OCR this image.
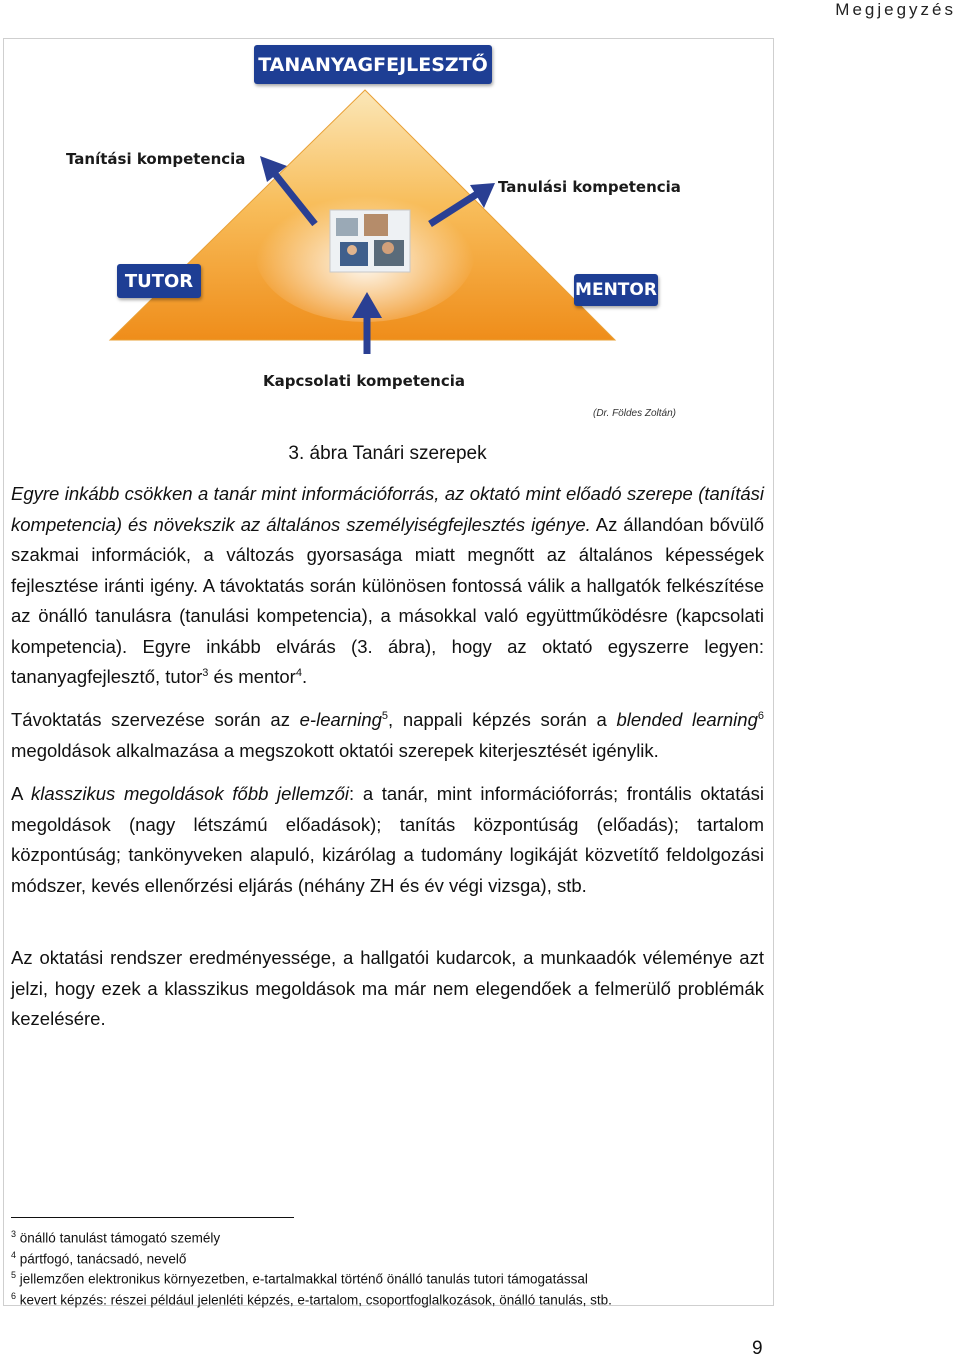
Megjegyzés
TANANYAGFEJLESZTŐ
Tanítási kompetencia
Tanulási kompetencia
TUTOR	MENTOR
Kapcsolati kompetencia
(Dr. Földes Zoltán)
3. ábra Tanári szerepek

Egyre inkább csökken a tanár mint információforrás, az oktató mint előadó szerepe (tanítási kompetencia) és növekszik az általános személyiségfejlesztés igénye. Az állandóan bővülő szakmai információk, a változás gyorsasága miatt megnőtt az általános képességek fejlesztése iránti igény. A távoktatás során különösen fontossá válik a hallgatók felkészítése az önálló tanulásra (tanulási kompetencia), a másokkal való együttműködésre (kapcsolati kompetencia). Egyre inkább elvárás (3. ábra), hogy az oktató egyszerre legyen: tananyagfejlesztő, tutor$^3$ és mentor$^4$.

Távoktatás szervezése során az e-learning$^5$, nappali képzés során a blended learning$^6$ megoldások alkalmazása a megszokott oktatói szerepek kiterjesztését igénylik.

A klasszikus megoldások főbb jellemzői: a tanár, mint információforrás; frontális oktatási megoldások (nagy létszámú előadások); tanítás központúság (előadás); tartalom központúság; tankönyveken alapuló, kizárólag a tudomány logikáját közvetítő feldolgozási módszer, kevés ellenőrzési eljárás (néhány ZH és év végi vizsga), stb.

Az oktatási rendszer eredményessége, a hallgatói kudarcok, a munkaadók véleménye azt jelzi, hogy ezek a klasszikus megoldások ma már nem elegendőek a felmerülő problémák kezelésére.

$^3$ önálló tanulást támogató személy
$^4$ pártfogó, tanácsadó, nevelő
$^5$ jellemzően elektronikus környezetben, e-tartalmakkal történő önálló tanulás tutori támogatással
$^6$ kevert képzés: részei például jelenléti képzés, e-tartalom, csoportfoglalkozások, önálló tanulás, stb.
9
